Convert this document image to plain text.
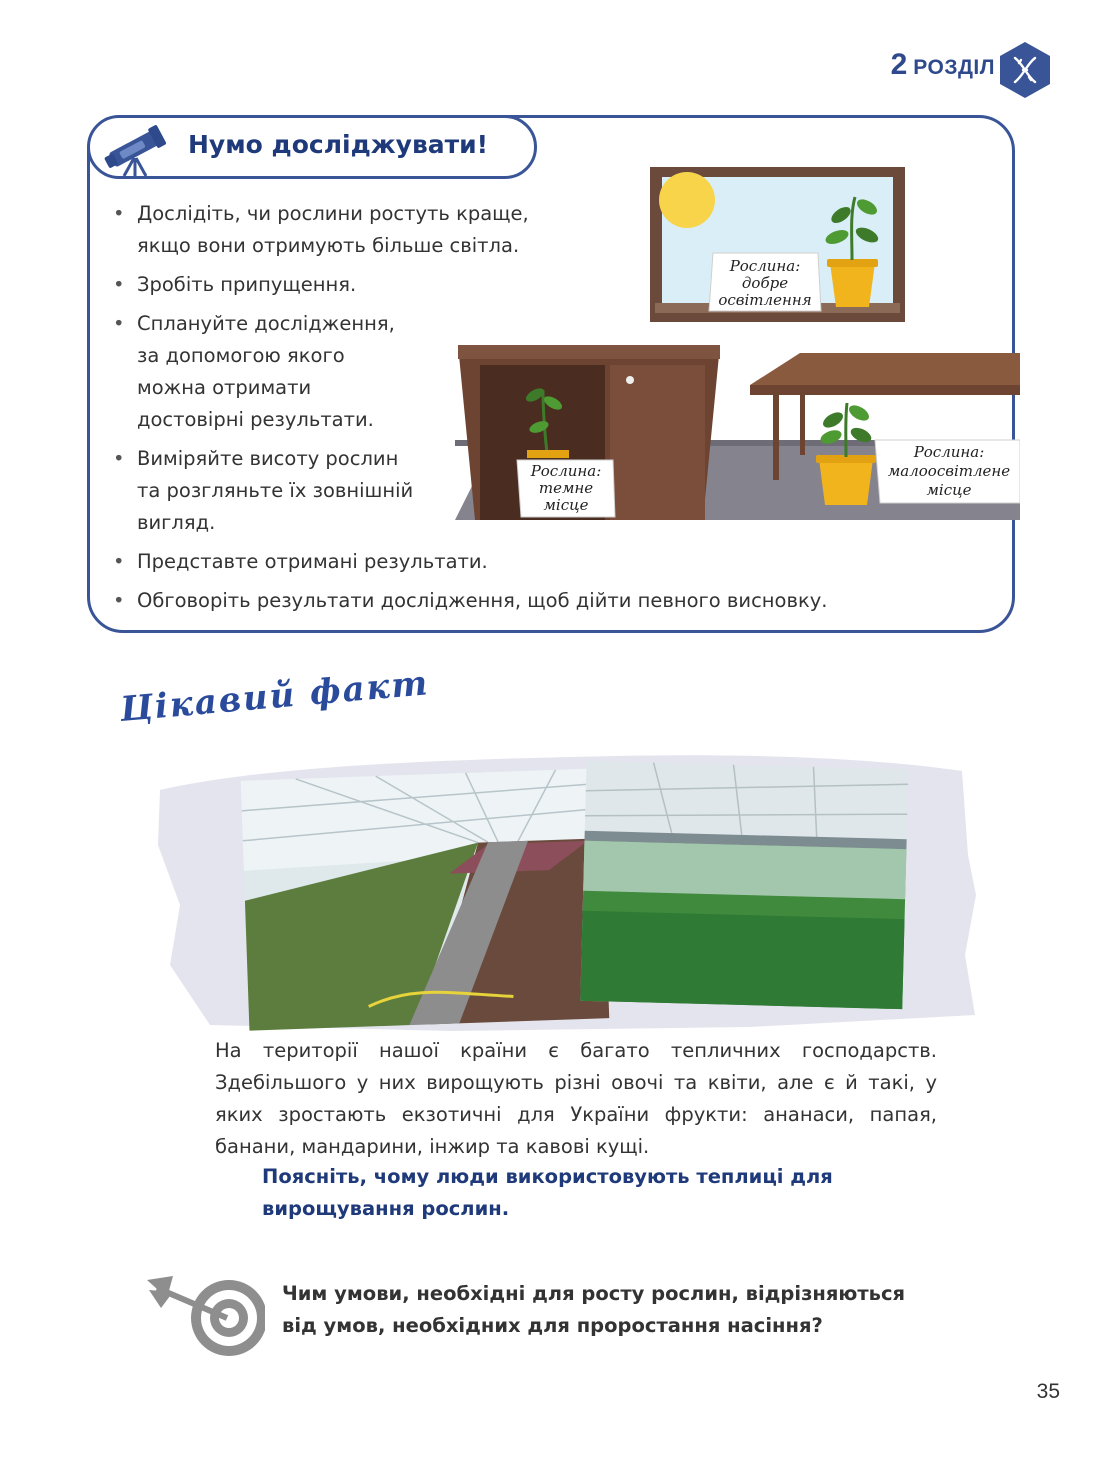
2 РОЗДІЛ
Нумо досліджувати!
• Дослідіть, чи рослини ростуть краще,
якщо вони отримують більше світла.
• Зробіть припущення.
• Сплануйте дослідження,
за допомогою якого
можна отримати
достовірні результати.
• Виміряйте висоту рослин
та розгляньте їх зовнішній
вигляд.
• Представте отримані результати.
• Обговоріть результати дослідження, щоб дійти певного висновку.
Рослина:
добре
освітлення
Рослина:
темне
місце
Рослина:
малоосвітлене
місце
Цікавий факт

На території нашої країни є багато тепличних господарств. Здебільшого у них вирощують різні овочі та квіти, але є й такі, у яких зростають екзотичні для України фрукти: ананаси, папая, банани, мандарини, інжир та кавові кущі.

Поясніть, чому люди використовують теплиці для вирощування рослин.
Чим умови, необхідні для росту рослин, відрізняються
від умов, необхідних для проростання насіння?
35
